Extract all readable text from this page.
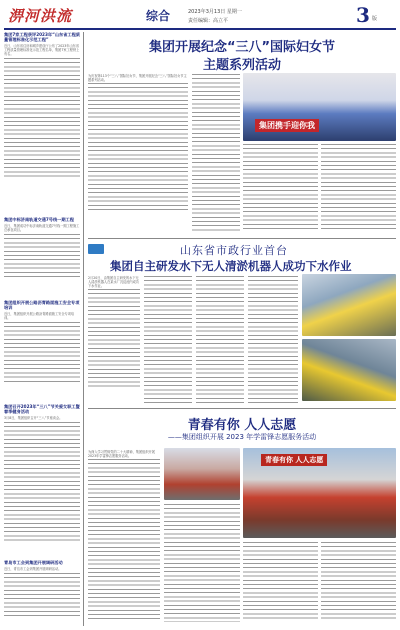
淠河洪流	综合	2023年3月13日 星期一
责任编辑：高立平	3 版
集团7家工程获评2023年“山东省工程质量管理标准化示范工程”
近日，山东省住房和城乡建设厅公布了2023年山东省工程质量管理标准化示范工程名单，集团7家工程榜上有名。
集团中标济南轨道交通7号线一期工程
近日，集团成功中标济南轨道交通7号线一期工程施工总承包项目。
集团组织开展公路沥青路面施工安全专项培训
近日，集团组织开展公路沥青路面施工安全专项培训。
集团召开2023年“三八”节关爱女职工暨春季健身活动
3月8日，集团组织召开“三八”节座谈会。
青岛市工会到集团开展调研活动
近日，青岛市工会到集团开展调研活动。
集团开展纪念“三八”国际妇女节
主题系列活动
为庆祝第113个“三八”国际妇女节，集团开展纪念“三八”国际妇女节主题系列活动。
集团携手迎你我
山东省市政行业首台
集团自主研发水下无人清淤机器人成功下水作业
2月20日，由集团自主研发的水下无人清淤机器人在某水厂沉淀池内成功下水作业。
青春有你 人人志愿
——集团组织开展 2023 年学雷锋志愿服务活动
为深入学习贯彻党的二十大精神，集团组织开展2023年学雷锋志愿服务活动。	青春有你 人人志愿
